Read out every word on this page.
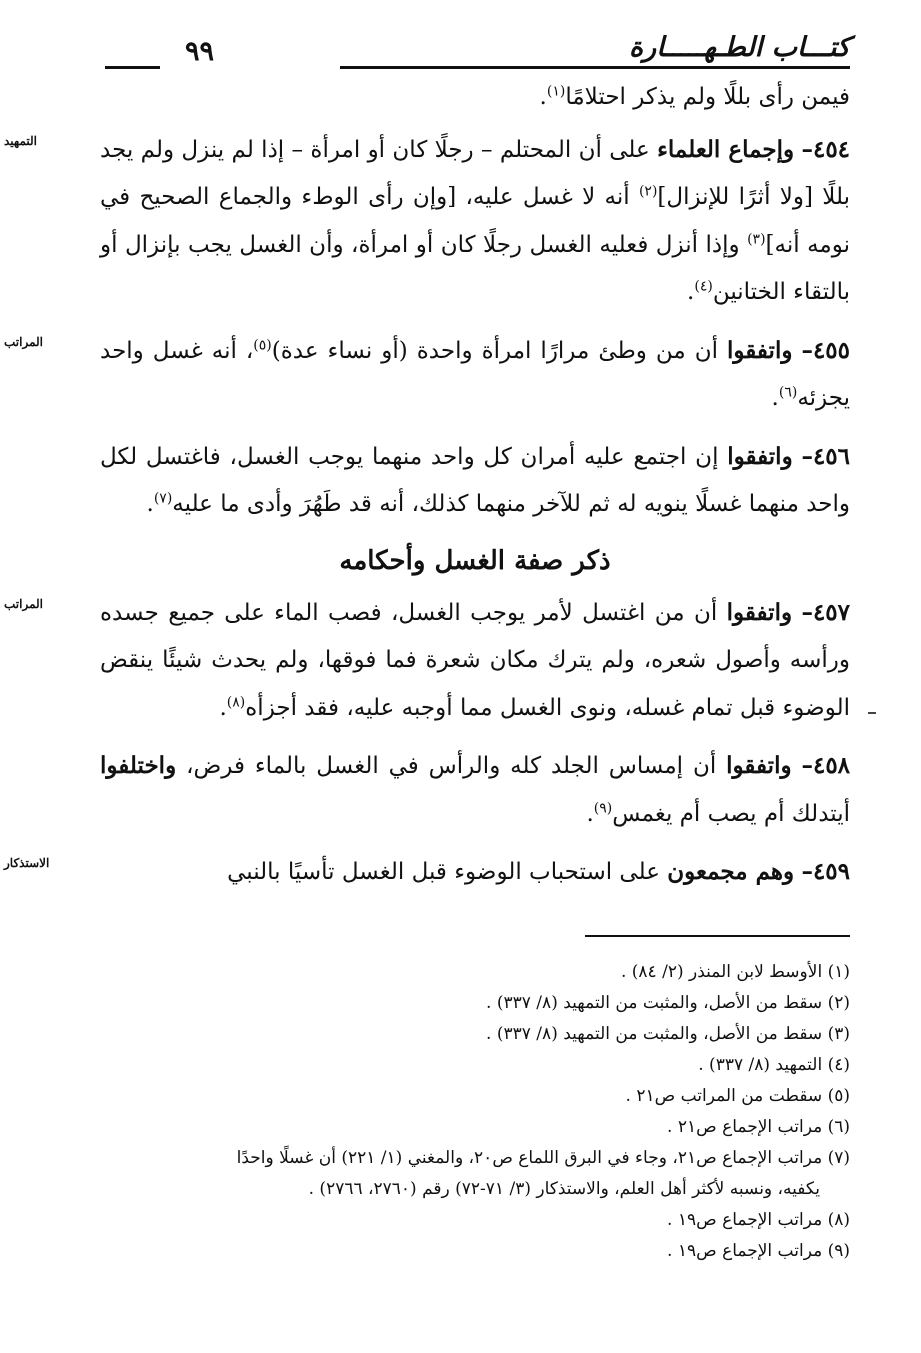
كتـــاب الطـهـــــارة
٩٩

فيمن رأى بللًا ولم يذكر احتلامًا$^{(١)}$.

التمهيد	٤٥٤– وإجماع العلماء على أن المحتلم – رجلًا كان أو امرأة – إذا لم ينزل ولم يجد بللًا [ولا أثرًا للإنزال]$^{(٢)}$ أنه لا غسل عليه، [وإن رأى الوطء والجماع الصحيح في نومه أنه]$^{(٣)}$ وإذا أنزل فعليه الغسل رجلًا كان أو امرأة، وأن الغسل يجب بإنزال أو بالتقاء الختانين$^{(٤)}$.

المراتب	٤٥٥– واتفقوا أن من وطئ مرارًا امرأة واحدة (أو نساء عدة)$^{(٥)}$، أنه غسل واحد يجزئه$^{(٦)}$.

٤٥٦– واتفقوا إن اجتمع عليه أمران كل واحد منهما يوجب الغسل، فاغتسل لكل واحد منهما غسلًا ينويه له ثم للآخر منهما كذلك، أنه قد طَهُرَ وأدى ما عليه$^{(٧)}$.

ذكر صفة الغسل وأحكامه

المراتب	٤٥٧– واتفقوا أن من اغتسل لأمر يوجب الغسل، فصب الماء على جميع جسده ورأسه وأصول شعره، ولم يترك مكان شعرة فما فوقها، ولم يحدث شيئًا ينقض الوضوء قبل تمام غسله، ونوى الغسل مما أوجبه عليه، فقد أجزأه$^{(٨)}$.

٤٥٨– واتفقوا أن إمساس الجلد كله والرأس في الغسل بالماء فرض، واختلفوا أيتدلك أم يصب أم يغمس$^{(٩)}$.

الاستذكار	٤٥٩– وهم مجمعون على استحباب الوضوء قبل الغسل تأسيًا بالنبي

(١) الأوسط لابن المنذر (٢/ ٨٤) .

(٢) سقط من الأصل، والمثبت من التمهيد (٨/ ٣٣٧) .

(٣) سقط من الأصل، والمثبت من التمهيد (٨/ ٣٣٧) .

(٤) التمهيد (٨/ ٣٣٧) .

(٥) سقطت من المراتب ص٢١ .

(٦) مراتب الإجماع ص٢١ .

(٧) مراتب الإجماع ص٢١، وجاء في البرق اللماع ص٢٠، والمغني (١/ ٢٢١) أن غسلًا واحدًا

يكفيه، ونسبه لأكثر أهل العلم، والاستذكار (٣/ ٧١-٧٢) رقم (٢٧٦٠، ٢٧٦٦) .

(٨) مراتب الإجماع ص١٩ .

(٩) مراتب الإجماع ص١٩ .
